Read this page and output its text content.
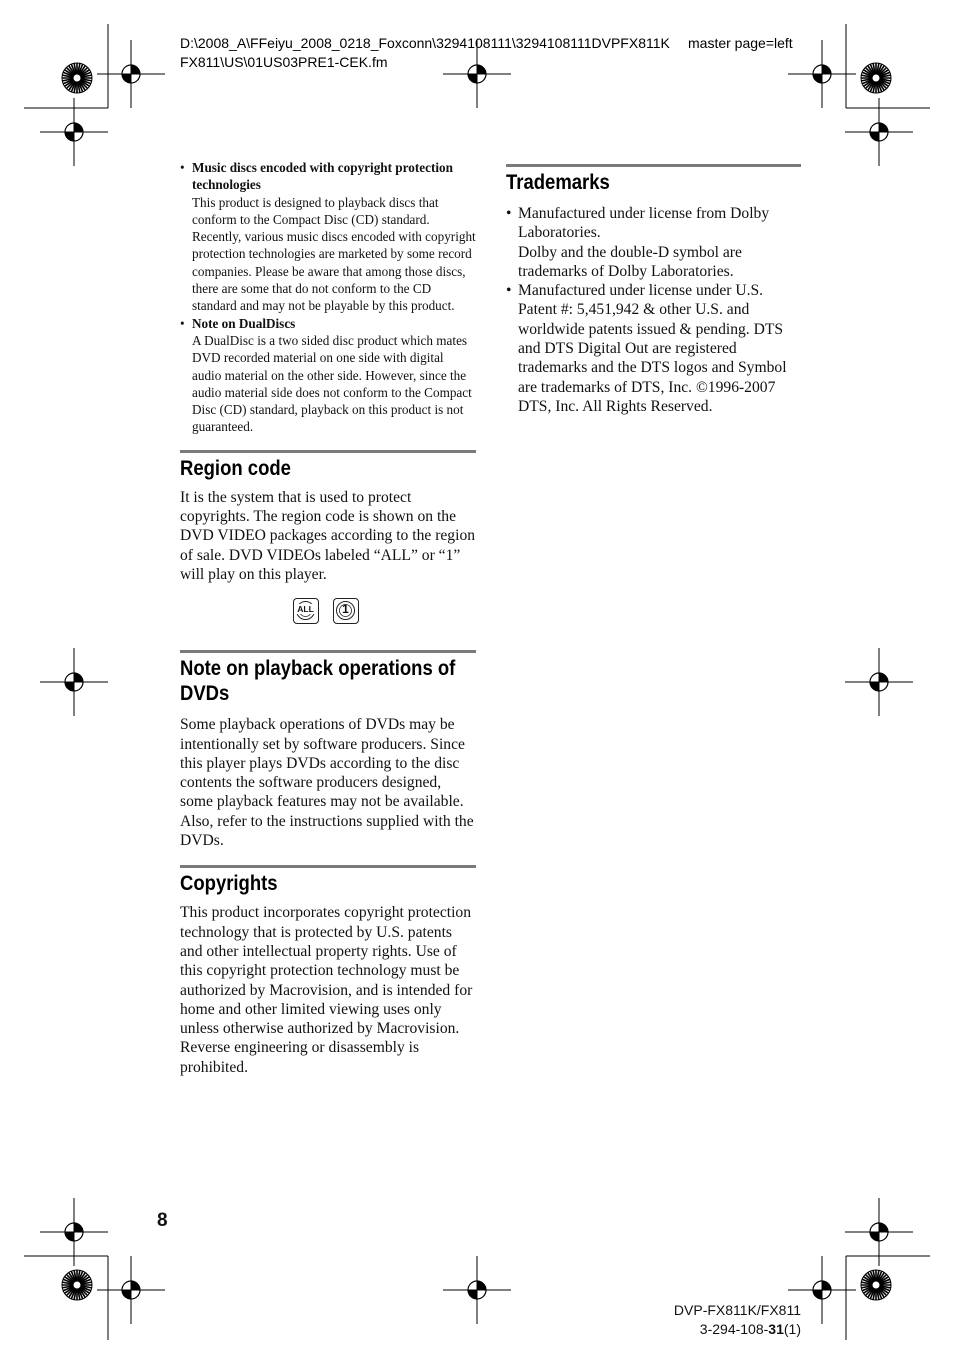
D:\2008_A\FFeiyu_2008_0218_Foxconn\3294108111\3294108111DVPFX811K
FX811\US\01US03PRE1-CEK.fm
master page=left
• Music discs encoded with copyright protection technologies
This product is designed to playback discs that conform to the Compact Disc (CD) standard. Recently, various music discs encoded with copyright protection technologies are marketed by some record companies. Please be aware that among those discs, there are some that do not conform to the CD standard and may not be playable by this product.
• Note on DualDiscs
A DualDisc is a two sided disc product which mates DVD recorded material on one side with digital audio material on the other side. However, since the audio material side does not conform to the Compact Disc (CD) standard, playback on this product is not guaranteed.
Region code

It is the system that is used to protect copyrights. The region code is shown on the DVD VIDEO packages according to the region of sale. DVD VIDEOs labeled “ALL” or “1” will play on this player.

ALL	1
Note on playback operations of
DVDs

Some playback operations of DVDs may be intentionally set by software producers. Since this player plays DVDs according to the disc contents the software producers designed, some playback features may not be available. Also, refer to the instructions supplied with the DVDs.

Copyrights

This product incorporates copyright protection technology that is protected by U.S. patents and other intellectual property rights. Use of this copyright protection technology must be authorized by Macrovision, and is intended for home and other limited viewing uses only unless otherwise authorized by Macrovision. Reverse engineering or disassembly is prohibited.

Trademarks
• Manufactured under license from Dolby Laboratories.
Dolby and the double-D symbol are trademarks of Dolby Laboratories.
• Manufactured under license under U.S. Patent #: 5,451,942 & other U.S. and worldwide patents issued & pending. DTS and DTS Digital Out are registered trademarks and the DTS logos and Symbol are trademarks of DTS, Inc. ©1996-2007 DTS, Inc. All Rights Reserved.
8
DVP-FX811K/FX811
3-294-108-31(1)
